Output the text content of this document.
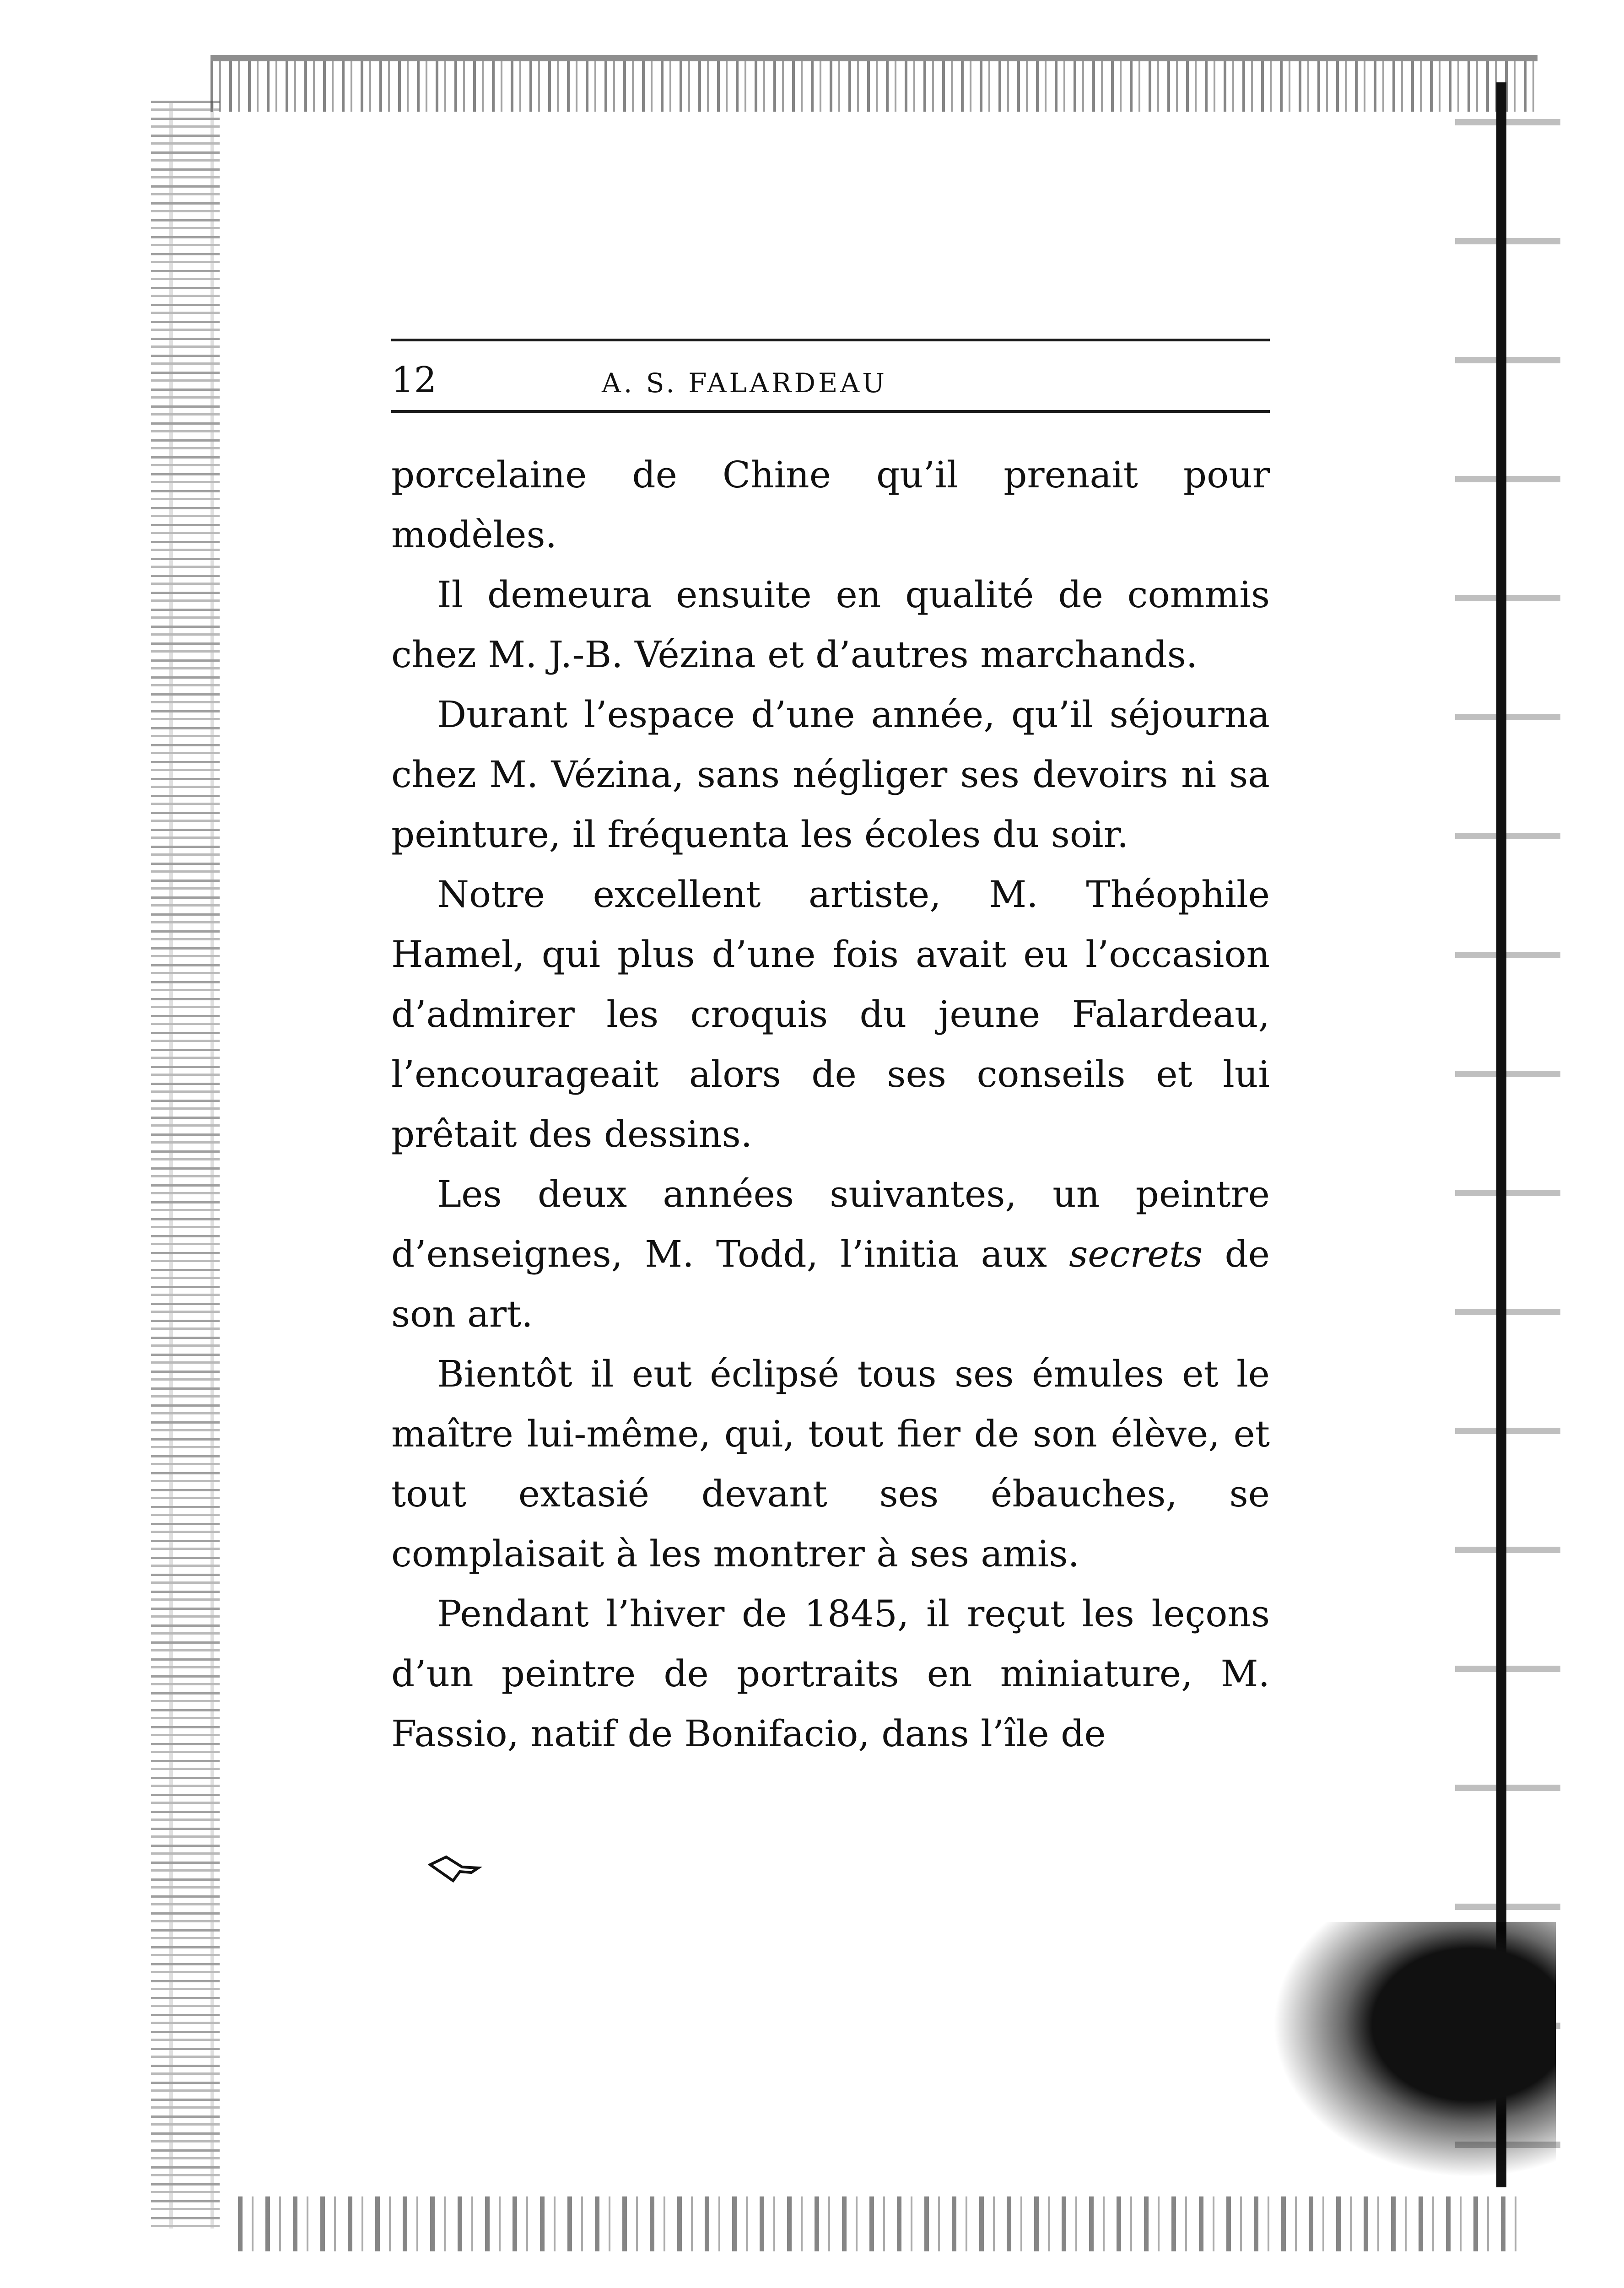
12	A. S. FALARDEAU

porcelaine de Chine qu’il prenait pour modèles.

Il demeura ensuite en qualité de commis chez M. J.-B. Vézina et d’autres marchands.

Durant l’espace d’une année, qu’il séjourna chez M. Vézina, sans négliger ses devoirs ni sa peinture, il fréquenta les écoles du soir.

Notre excellent artiste, M. Théophile Hamel, qui plus d’une fois avait eu l’occasion d’admirer les croquis du jeune Falardeau, l’encourageait alors de ses conseils et lui prêtait des dessins.

Les deux années suivantes, un peintre d’enseignes, M. Todd, l’initia aux secrets de son art.

Bientôt il eut éclipsé tous ses émules et le maître lui-même, qui, tout fier de son élève, et tout extasié devant ses ébauches, se complaisait à les montrer à ses amis.

Pendant l’hiver de 1845, il reçut les leçons d’un peintre de portraits en miniature, M. Fassio, natif de Bonifacio, dans l’île de
